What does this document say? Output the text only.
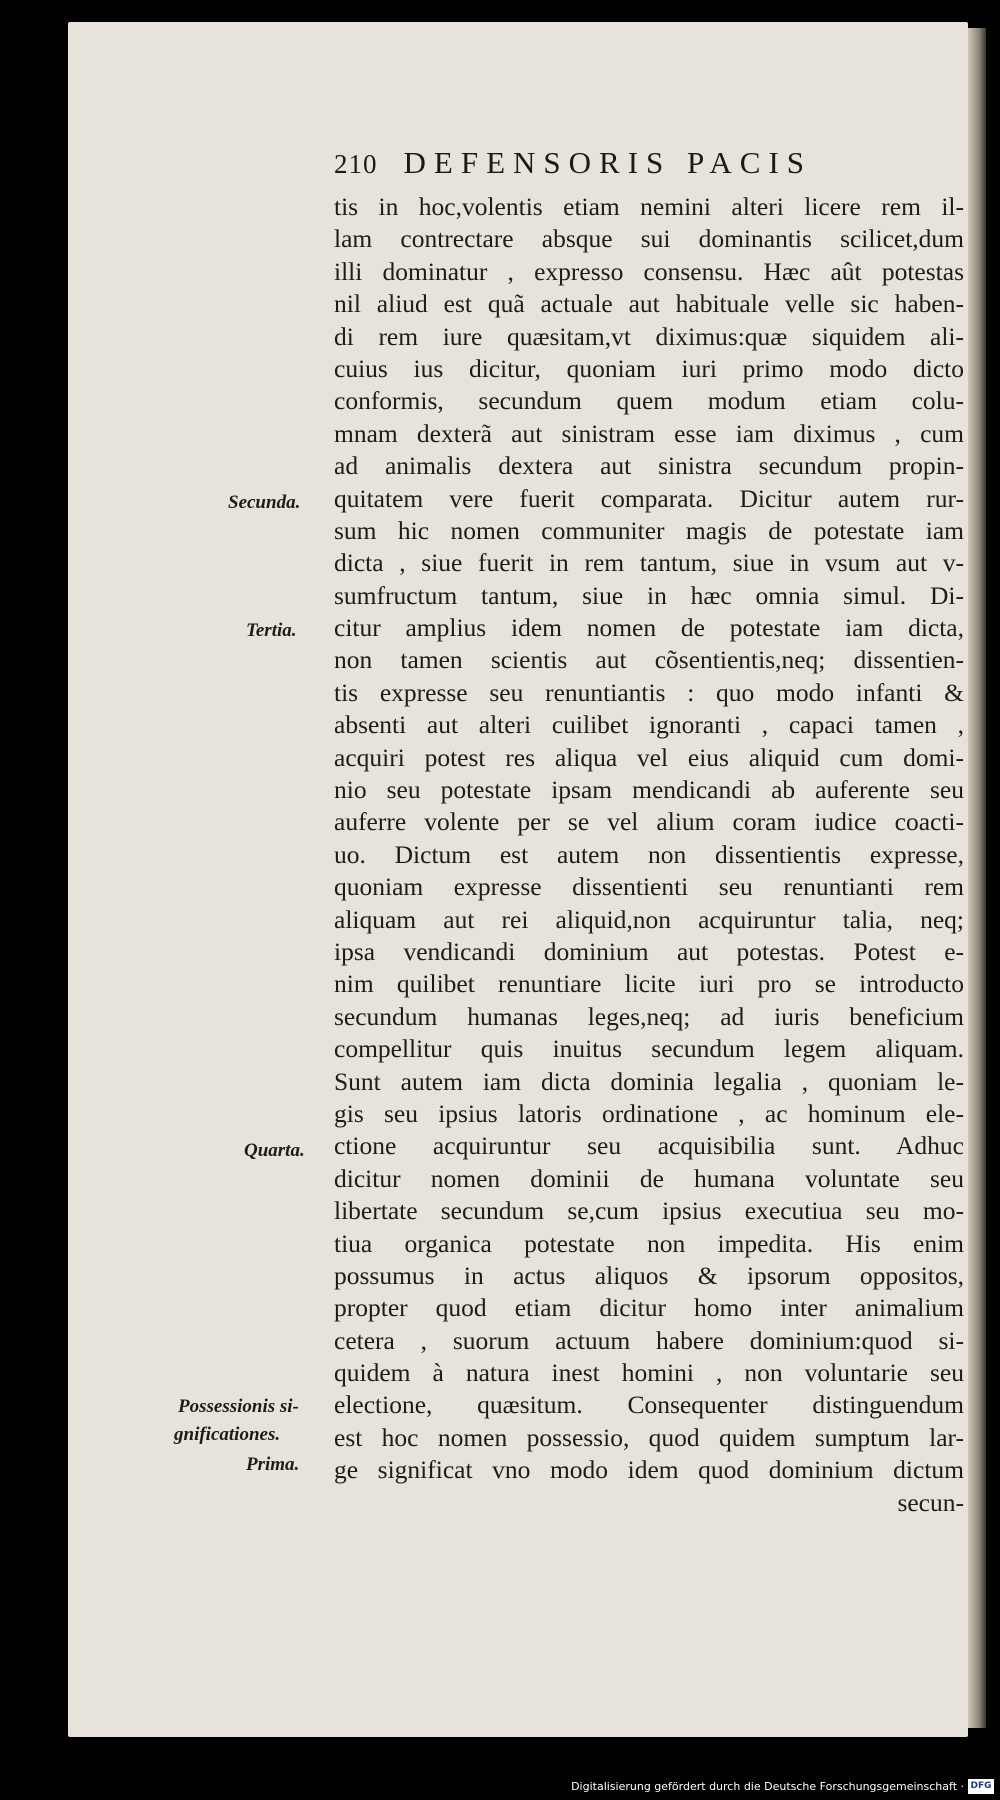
210 DEFENSORIS PACIS
tis in hoc,volentis etiam nemini alteri licere rem il-
lam contrectare absque sui dominantis scilicet,dum
illi dominatur , expresso consensu. Hæc aût potestas
nil aliud est quã actuale aut habituale velle sic haben-
di rem iure quæsitam,vt diximus:quæ siquidem ali-
cuius ius dicitur, quoniam iuri primo modo dicto
conformis, secundum quem modum etiam colu-
mnam dexterã aut sinistram esse iam diximus , cum
ad animalis dextera aut sinistra secundum propin-
quitatem vere fuerit comparata. Dicitur autem rur-
sum hic nomen communiter magis de potestate iam
dicta , siue fuerit in rem tantum, siue in vsum aut v-
sumfructum tantum, siue in hæc omnia simul. Di-
citur amplius idem nomen de potestate iam dicta,
non tamen scientis aut cõsentientis,neq; dissentien-
tis expresse seu renuntiantis : quo modo infanti &
absenti aut alteri cuilibet ignoranti , capaci tamen ,
acquiri potest res aliqua vel eius aliquid cum domi-
nio seu potestate ipsam mendicandi ab auferente seu
auferre volente per se vel alium coram iudice coacti-
uo. Dictum est autem non dissentientis expresse,
quoniam expresse dissentienti seu renuntianti rem
aliquam aut rei aliquid,non acquiruntur talia, neq;
ipsa vendicandi dominium aut potestas. Potest e-
nim quilibet renuntiare licite iuri pro se introducto
secundum humanas leges,neq; ad iuris beneficium
compellitur quis inuitus secundum legem aliquam.
Sunt autem iam dicta dominia legalia , quoniam le-
gis seu ipsius latoris ordinatione , ac hominum ele-
ctione acquiruntur seu acquisibilia sunt. Adhuc
dicitur nomen dominii de humana voluntate seu
libertate secundum se,cum ipsius executiua seu mo-
tiua organica potestate non impedita. His enim
possumus in actus aliquos & ipsorum oppositos,
propter quod etiam dicitur homo inter animalium
cetera , suorum actuum habere dominium:quod si-
quidem à natura inest homini , non voluntarie seu
electione, quæsitum. Consequenter distinguendum
est hoc nomen possessio, quod quidem sumptum lar-
ge significat vno modo idem quod dominium dictum
secun-
Secunda.
Tertia.
Quarta.
Possessionis si-
gnificationes.
Prima.
Digitalisierung gefördert durch die Deutsche Forschungsgemeinschaft · DFG
